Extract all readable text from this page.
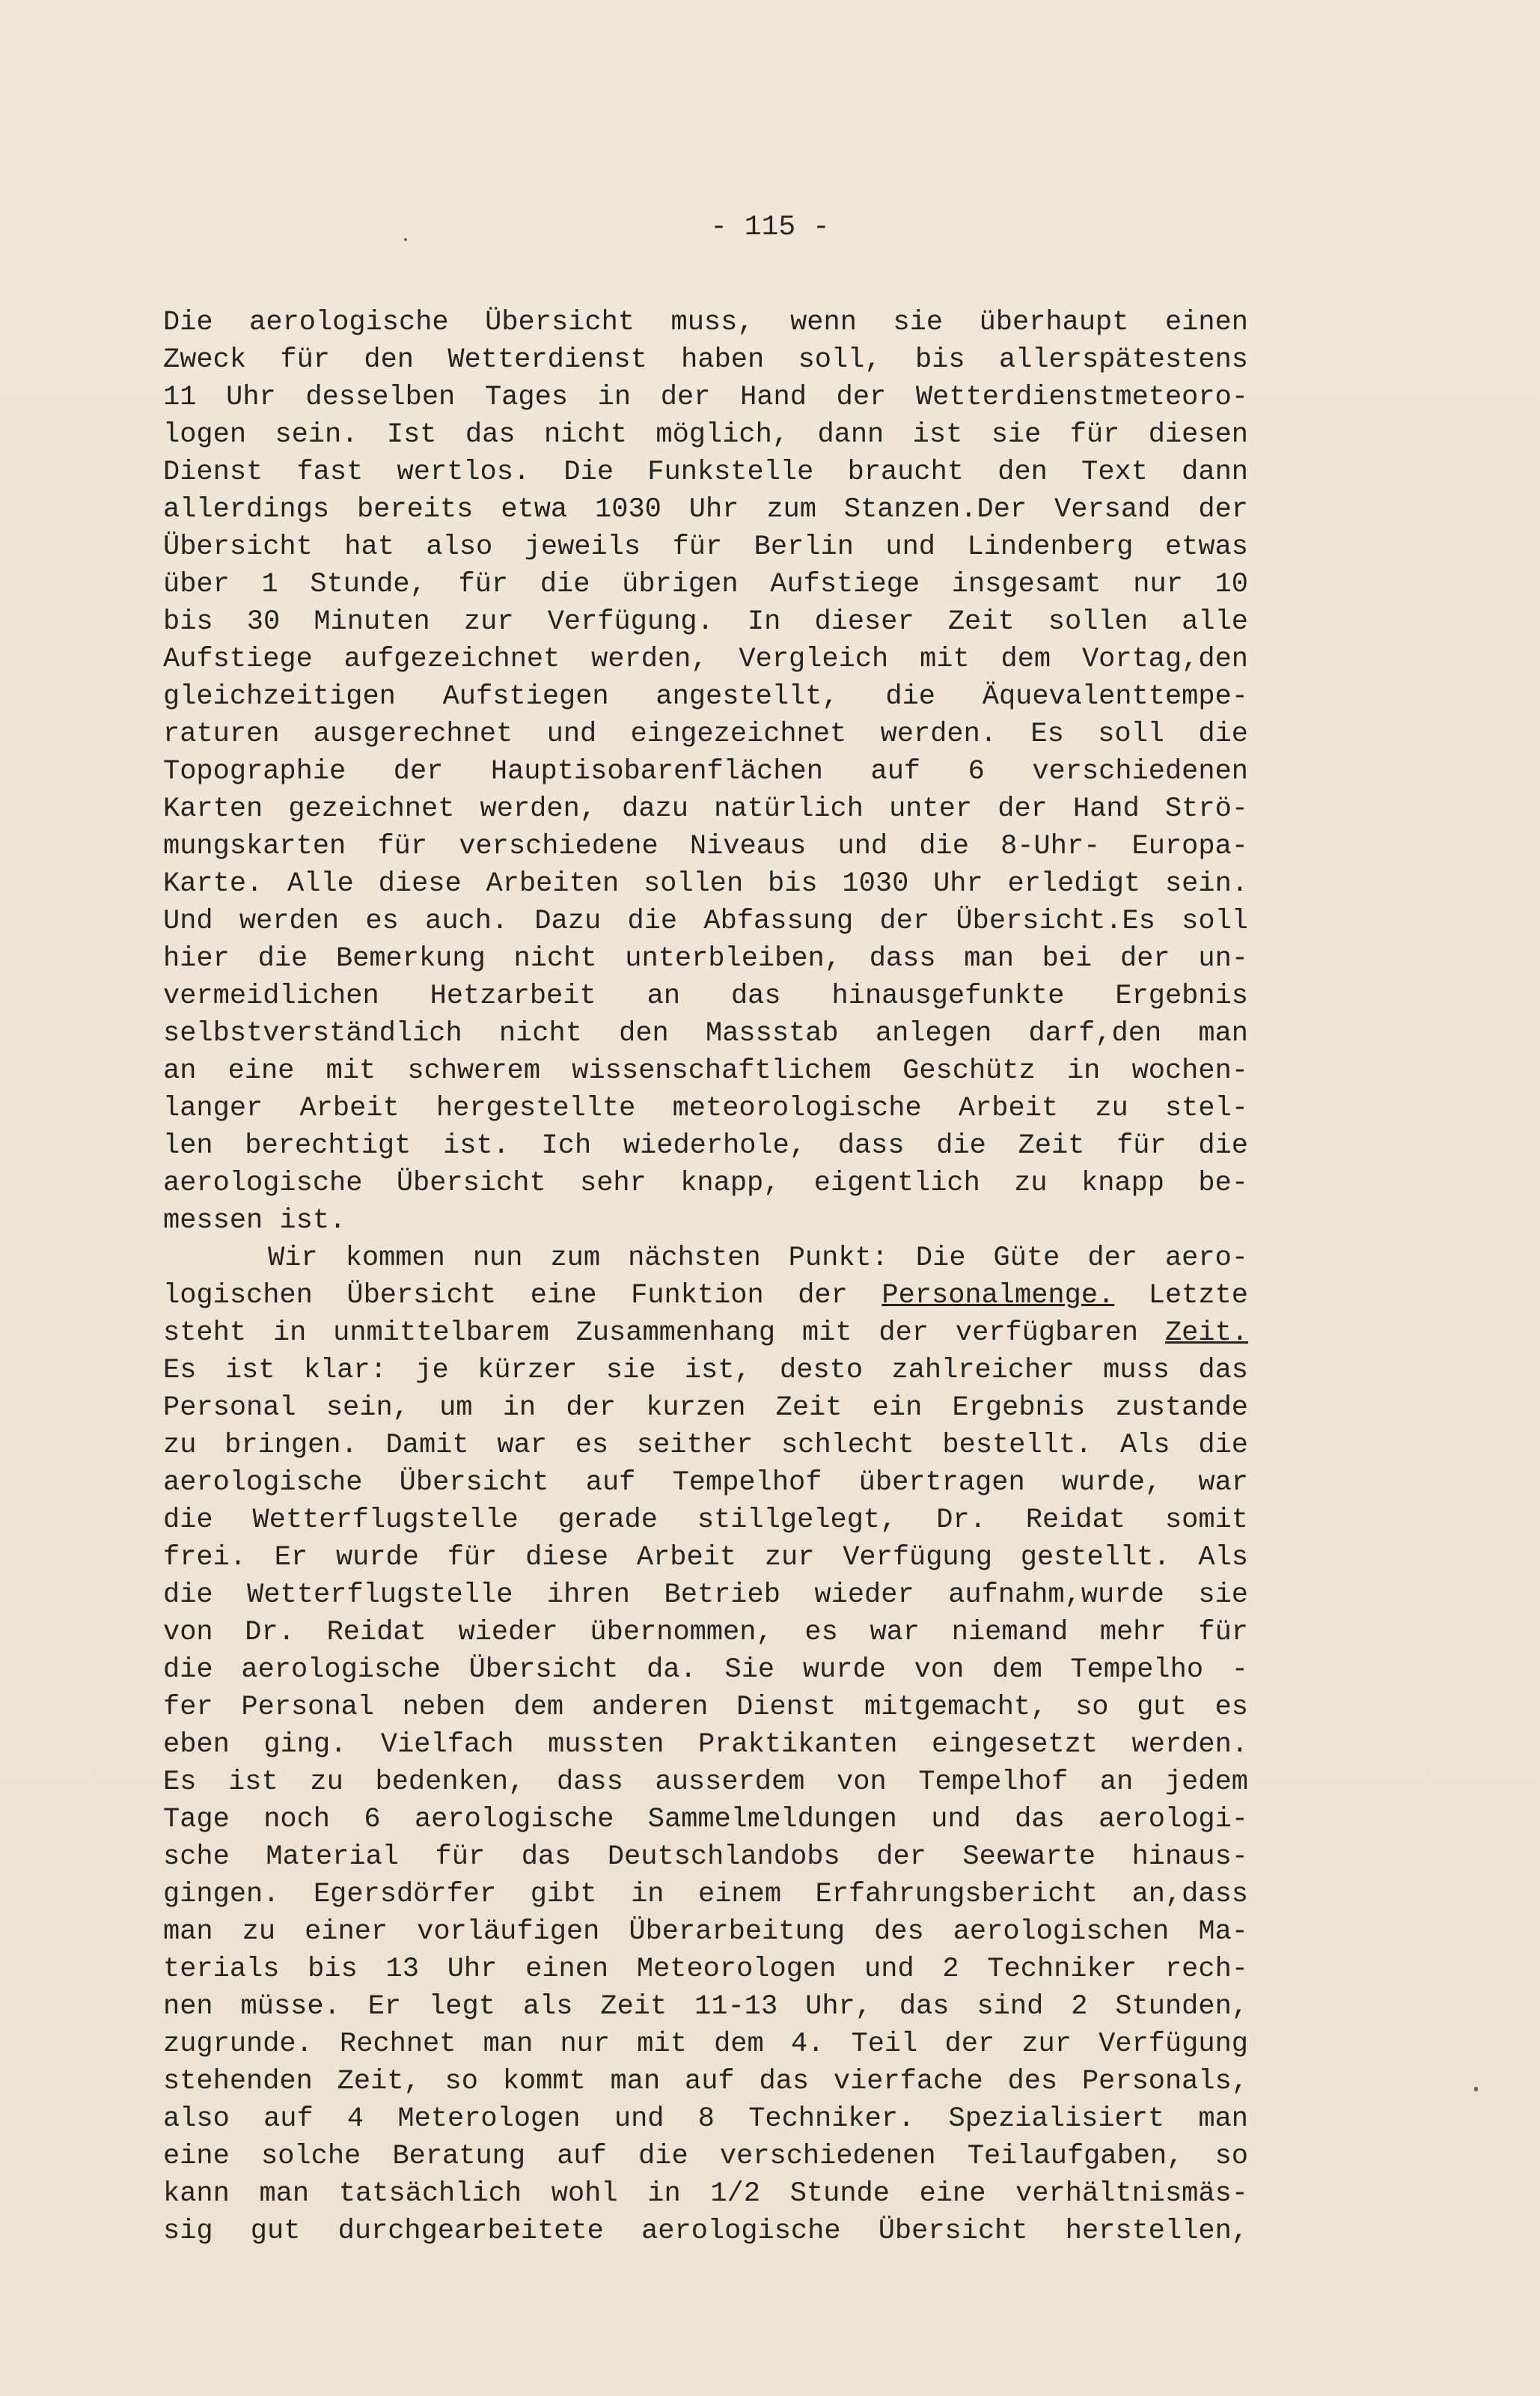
- 115 -
Die aerologische Übersicht muss, wenn sie überhaupt einen
Zweck für den Wetterdienst haben soll, bis allerspätestens
11 Uhr desselben Tages in der Hand der Wetterdienstmeteoro-
logen sein. Ist das nicht möglich, dann ist sie für diesen
Dienst fast wertlos. Die Funkstelle braucht den Text dann
allerdings bereits etwa 1030 Uhr zum Stanzen.Der Versand der
Übersicht hat also jeweils für Berlin und Lindenberg etwas
über 1 Stunde, für die übrigen Aufstiege insgesamt nur 10
bis 30 Minuten zur Verfügung. In dieser Zeit sollen alle
Aufstiege aufgezeichnet werden, Vergleich mit dem Vortag,den
gleichzeitigen Aufstiegen angestellt, die Äquevalenttempe-
raturen ausgerechnet und eingezeichnet werden. Es soll die
Topographie der Hauptisobarenflächen auf 6 verschiedenen
Karten gezeichnet werden, dazu natürlich unter der Hand Strö-
mungskarten für verschiedene Niveaus und die 8-Uhr- Europa-
Karte. Alle diese Arbeiten sollen bis 1030 Uhr erledigt sein.
Und werden es auch. Dazu die Abfassung der Übersicht.Es soll
hier die Bemerkung nicht unterbleiben, dass man bei der un-
vermeidlichen Hetzarbeit an das hinausgefunkte Ergebnis
selbstverständlich nicht den Massstab anlegen darf,den man
an eine mit schwerem wissenschaftlichem Geschütz in wochen-
langer Arbeit hergestellte meteorologische Arbeit zu stel-
len berechtigt ist. Ich wiederhole, dass die Zeit für die
aerologische Übersicht sehr knapp, eigentlich zu knapp be-
messen ist.
Wir kommen nun zum nächsten Punkt: Die Güte der aero-
logischen Übersicht eine Funktion der Personalmenge. Letzte
steht in unmittelbarem Zusammenhang mit der verfügbaren Zeit.
Es ist klar: je kürzer sie ist, desto zahlreicher muss das
Personal sein, um in der kurzen Zeit ein Ergebnis zustande
zu bringen. Damit war es seither schlecht bestellt. Als die
aerologische Übersicht auf Tempelhof übertragen wurde, war
die Wetterflugstelle gerade stillgelegt, Dr. Reidat somit
frei. Er wurde für diese Arbeit zur Verfügung gestellt. Als
die Wetterflugstelle ihren Betrieb wieder aufnahm,wurde sie
von Dr. Reidat wieder übernommen, es war niemand mehr für
die aerologische Übersicht da. Sie wurde von dem Tempelho -
fer Personal neben dem anderen Dienst mitgemacht, so gut es
eben ging. Vielfach mussten Praktikanten eingesetzt werden.
Es ist zu bedenken, dass ausserdem von Tempelhof an jedem
Tage noch 6 aerologische Sammelmeldungen und das aerologi-
sche Material für das Deutschlandobs der Seewarte hinaus-
gingen. Egersdörfer gibt in einem Erfahrungsbericht an,dass
man zu einer vorläufigen Überarbeitung des aerologischen Ma-
terials bis 13 Uhr einen Meteorologen und 2 Techniker rech-
nen müsse. Er legt als Zeit 11-13 Uhr, das sind 2 Stunden,
zugrunde. Rechnet man nur mit dem 4. Teil der zur Verfügung
stehenden Zeit, so kommt man auf das vierfache des Personals,
also auf 4 Meterologen und 8 Techniker. Spezialisiert man
eine solche Beratung auf die verschiedenen Teilaufgaben, so
kann man tatsächlich wohl in 1/2 Stunde eine verhältnismäs-
sig gut durchgearbeitete aerologische Übersicht herstellen,
